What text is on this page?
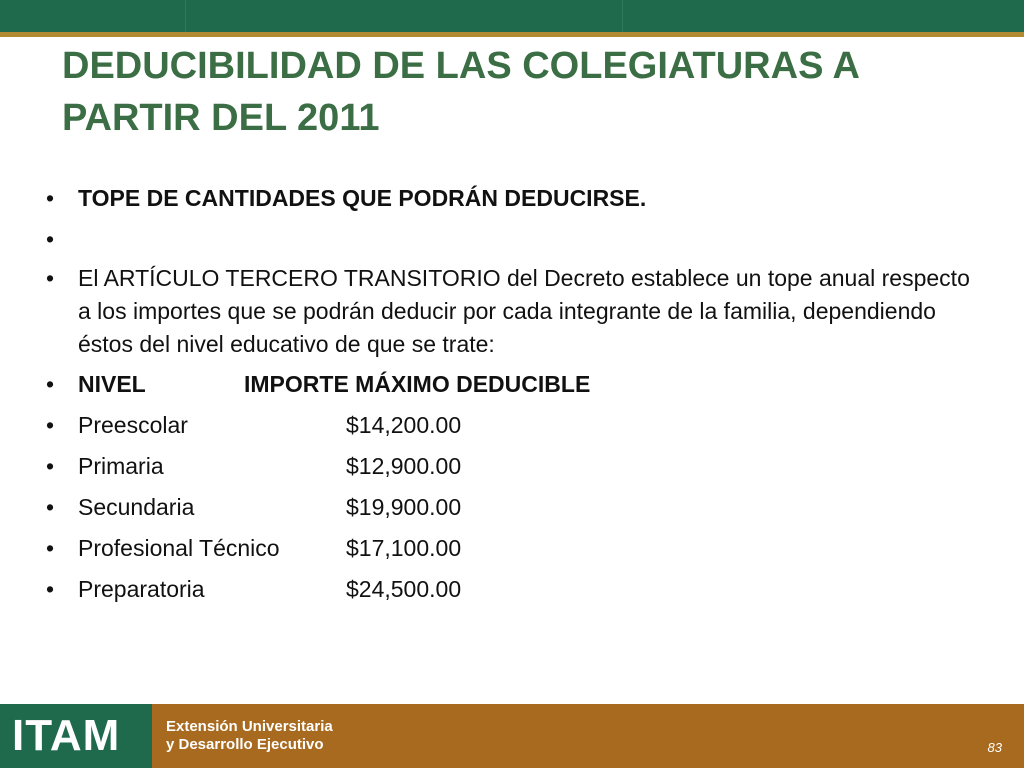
DEDUCIBILIDAD DE LAS COLEGIATURAS A
PARTIR DEL 2011
• TOPE DE CANTIDADES QUE PODRÁN DEDUCIRSE.
•
• El ARTÍCULO TERCERO TRANSITORIO del Decreto establece un tope anual respecto a los importes que se podrán deducir por cada integrante de la familia, dependiendo éstos del nivel educativo de que se trate:
• NIVEL	IMPORTE MÁXIMO DEDUCIBLE
• Preescolar	$14,200.00
• Primaria	$12,900.00
• Secundaria	$19,900.00
• Profesional Técnico	$17,100.00
• Preparatoria	$24,500.00
ITAM	Extensión Universitaria
y Desarrollo Ejecutivo	83
